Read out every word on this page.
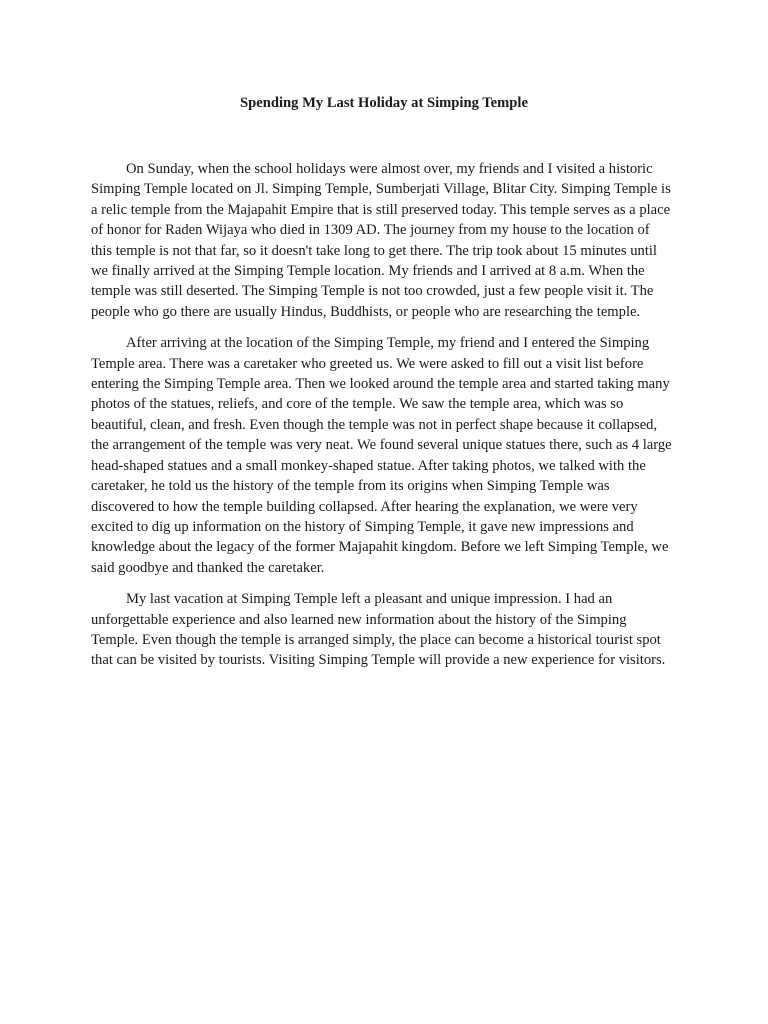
Spending My Last Holiday at Simping Temple

On Sunday, when the school holidays were almost over, my friends and I visited a historic Simping Temple located on Jl. Simping Temple, Sumberjati Village, Blitar City. Simping Temple is a relic temple from the Majapahit Empire that is still preserved today. This temple serves as a place of honor for Raden Wijaya who died in 1309 AD. The journey from my house to the location of this temple is not that far, so it doesn't take long to get there. The trip took about 15 minutes until we finally arrived at the Simping Temple location. My friends and I arrived at 8 a.m. When the temple was still deserted. The Simping Temple is not too crowded, just a few people visit it. The people who go there are usually Hindus, Buddhists, or people who are researching the temple.

After arriving at the location of the Simping Temple, my friend and I entered the Simping Temple area. There was a caretaker who greeted us. We were asked to fill out a visit list before entering the Simping Temple area. Then we looked around the temple area and started taking many photos of the statues, reliefs, and core of the temple. We saw the temple area, which was so beautiful, clean, and fresh. Even though the temple was not in perfect shape because it collapsed, the arrangement of the temple was very neat. We found several unique statues there, such as 4 large head-shaped statues and a small monkey-shaped statue. After taking photos, we talked with the caretaker, he told us the history of the temple from its origins when Simping Temple was discovered to how the temple building collapsed. After hearing the explanation, we were very excited to dig up information on the history of Simping Temple, it gave new impressions and knowledge about the legacy of the former Majapahit kingdom. Before we left Simping Temple, we said goodbye and thanked the caretaker.

My last vacation at Simping Temple left a pleasant and unique impression. I had an unforgettable experience and also learned new information about the history of the Simping Temple. Even though the temple is arranged simply, the place can become a historical tourist spot that can be visited by tourists. Visiting Simping Temple will provide a new experience for visitors.
